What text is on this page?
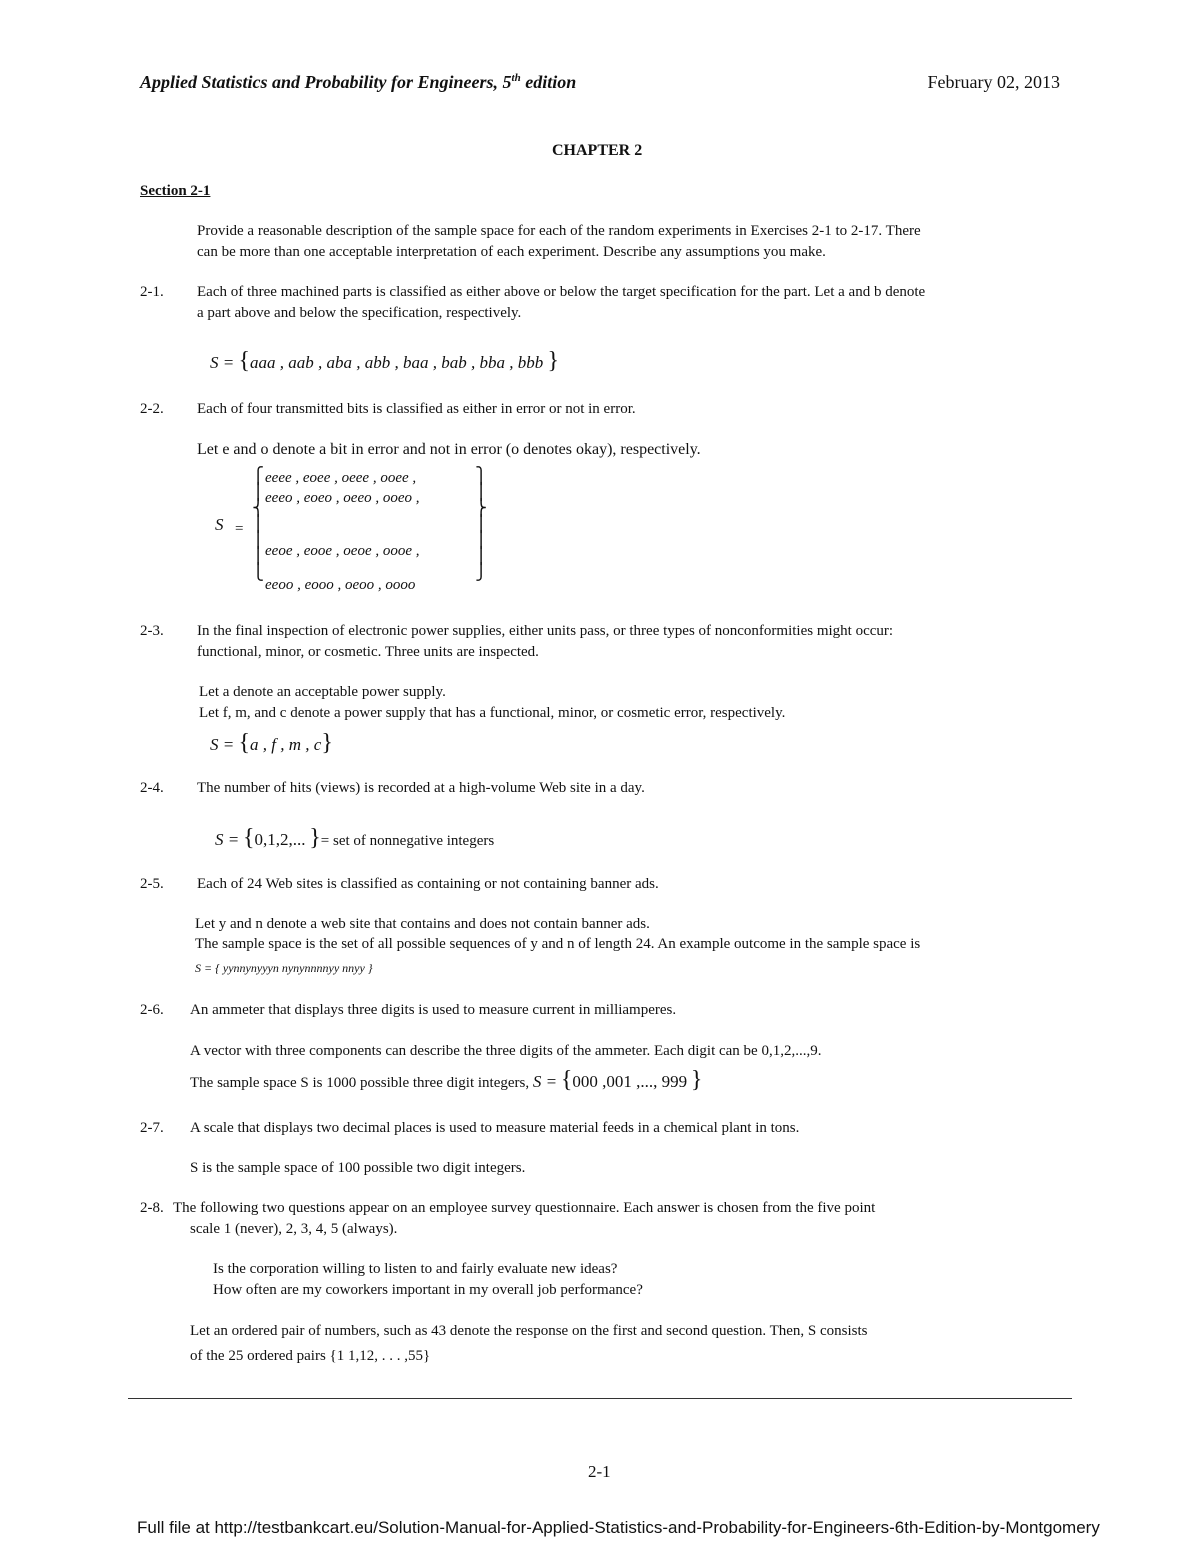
Applied Statistics and Probability for Engineers, 5th edition	February 02, 2013
CHAPTER 2
Section 2-1
Provide a reasonable description of the sample space for each of the random experiments in Exercises 2-1 to 2-17. There
can be more than one acceptable interpretation of each experiment. Describe any assumptions you make.
2-1. Each of three machined parts is classified as either above or below the target specification for the part. Let a and b denote
a part above and below the specification, respectively.
S = {aaa , aab , aba , abb , baa , bab , bba , bbb }
2-2. Each of four transmitted bits is classified as either in error or not in error.
Let e and o denote a bit in error and not in error (o denotes okay), respectively.
S =
⎧
⎪
⎨
⎪
⎪
⎪
⎩
⎫
⎪
⎬
⎪
⎪
⎪
⎭
eeee , eoee , oeee , ooee ,
eeeo , eoeo , oeeo , ooeo ,
eeoe , eooe , oeoe , oooe ,
eeoo , eooo , oeoo , oooo
2-3. In the final inspection of electronic power supplies, either units pass, or three types of nonconformities might occur:
functional, minor, or cosmetic. Three units are inspected.
Let a denote an acceptable power supply.
Let f, m, and c denote a power supply that has a functional, minor, or cosmetic error, respectively.
S = {a , f , m , c}
2-4. The number of hits (views) is recorded at a high-volume Web site in a day.
S = {0,1,2,... }= set of nonnegative integers
2-5. Each of 24 Web sites is classified as containing or not containing banner ads.
Let y and n denote a web site that contains and does not contain banner ads.
The sample space is the set of all possible sequences of y and n of length 24. An example outcome in the sample space is
S = { yynnynyyyn nynynnnnyy nnyy }
2-6. An ammeter that displays three digits is used to measure current in milliamperes.
A vector with three components can describe the three digits of the ammeter. Each digit can be 0,1,2,...,9.
The sample space S is 1000 possible three digit integers, S = {000 ,001 ,..., 999 }
2-7. A scale that displays two decimal places is used to measure material feeds in a chemical plant in tons.
S is the sample space of 100 possible two digit integers.
2-8. The following two questions appear on an employee survey questionnaire. Each answer is chosen from the five point
scale 1 (never), 2, 3, 4, 5 (always).
Is the corporation willing to listen to and fairly evaluate new ideas?
How often are my coworkers important in my overall job performance?
Let an ordered pair of numbers, such as 43 denote the response on the first and second question. Then, S consists
of the 25 ordered pairs {1 1,12, . . . ,55}
2-1
Full file at http://testbankcart.eu/Solution-Manual-for-Applied-Statistics-and-Probability-for-Engineers-6th-Edition-by-Montgomery
